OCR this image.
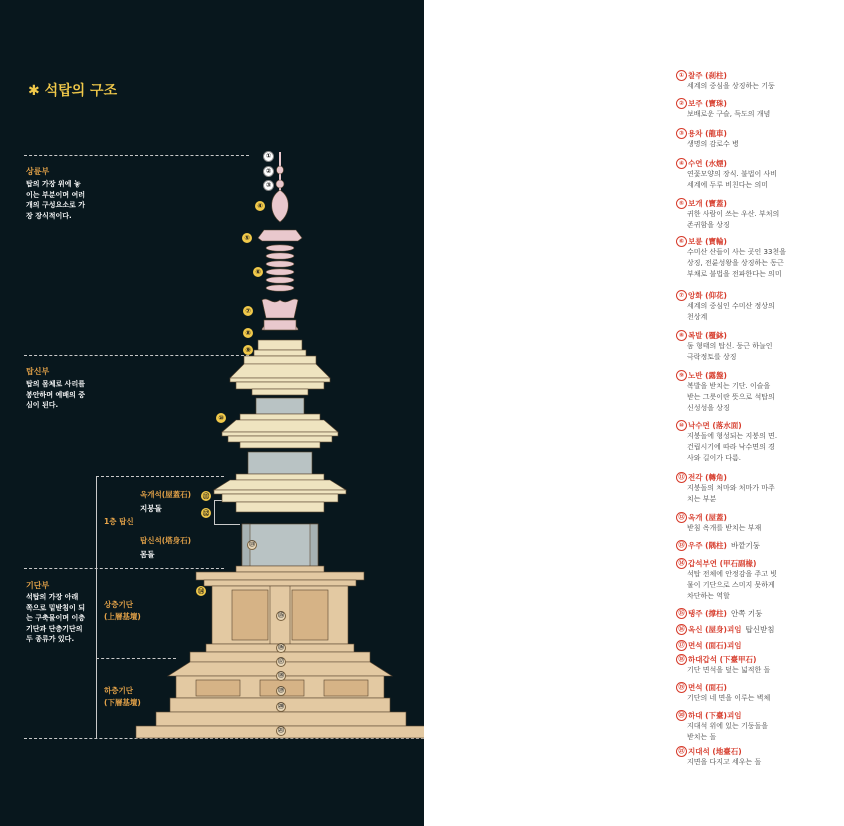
✱ 석탑의 구조
상륜부
탑의 가장 위에 놓이는 부분이며 여러 개의 구성요소로 가장 장식적이다.
탑신부
탑의 몸체로 사리를 봉안하며 예배의 중심이 된다.
기단부
석탑의 가장 아래 쪽으로 밑받침이 되는 구축물이며 이층기단과 단층기단의 두 종류가 있다.
1층 탑신
옥개석(屋蓋石)
지붕돌
탑신석(塔身石)
몸돌
상층기단
(上層基壇)
하층기단
(下層基壇)
①
②
③
④
⑤
⑥
⑦
⑧
⑨
⑩
⑪
⑫
⑬
⑭
⑮
⑯
⑰
⑱
⑲
⑳
㉑
① 찰주 (刹柱)
세계의 중심을 상징하는 기둥
② 보주 (寶珠)
보배로운 구슬, 득도의 개념
③ 용차 (龍車)
생명의 감로수 병
④ 수연 (水煙)
연꽃모양의 장식. 불법이 사비
세계에 두루 비친다는 의미
⑤ 보개 (寶蓋)
귀한 사람이 쓰는 우산. 부처의
존귀함을 상징
⑥ 보륜 (寶輪)
수미산 산들이 사는 곳인 33천을
상징, 전륜성왕을 상징하는 동근
부채로 불법을 전파한다는 의미
⑦ 앙화 (仰花)
세계의 중심인 수미산 정상의
천상계
⑧ 복발 (覆鉢)
돔 형태의 탑신. 둥근 하늘인
극락정토를 상징
⑨ 노반 (露盤)
복발을 받치는 기단. 이슬을
받는 그릇이란 뜻으로 석탑의
신성성을 상징
⑩ 낙수면 (落水面)
지붕돌에 형성되는 지붕의 면.
건립시기에 따라 낙수면의 경
사와 길이가 다름.
⑪ 전각 (轉角)
지붕돌의 처마와 처마가 마주
치는 부분
⑫ 옥개 (屋蓋)
받침 옥개를 받치는 부재
⑬ 우주 (隅柱) 바깥기둥
⑭ 갑석부연 (甲石副椽)
석탑 전체에 안정감을 주고 빗
물이 기단으로 스미지 못하게
차단하는 역할
⑮ 탱주 (撑柱) 안쪽 기둥
⑯ 옥신 (屋身)괴임 탑신받침
⑰ 면석 (面石)괴임
⑱ 하대갑석 (下臺甲石)
기단 면석을 덮는 넓적한 돌
⑲ 면석 (面石)
기단의 네 면을 이루는 벽체
⑳ 하대 (下臺)괴임
지대석 위에 있는 기둥돌을
받치는 돌
㉑ 지대석 (地臺石)
지면을 다지고 세우는 돌
